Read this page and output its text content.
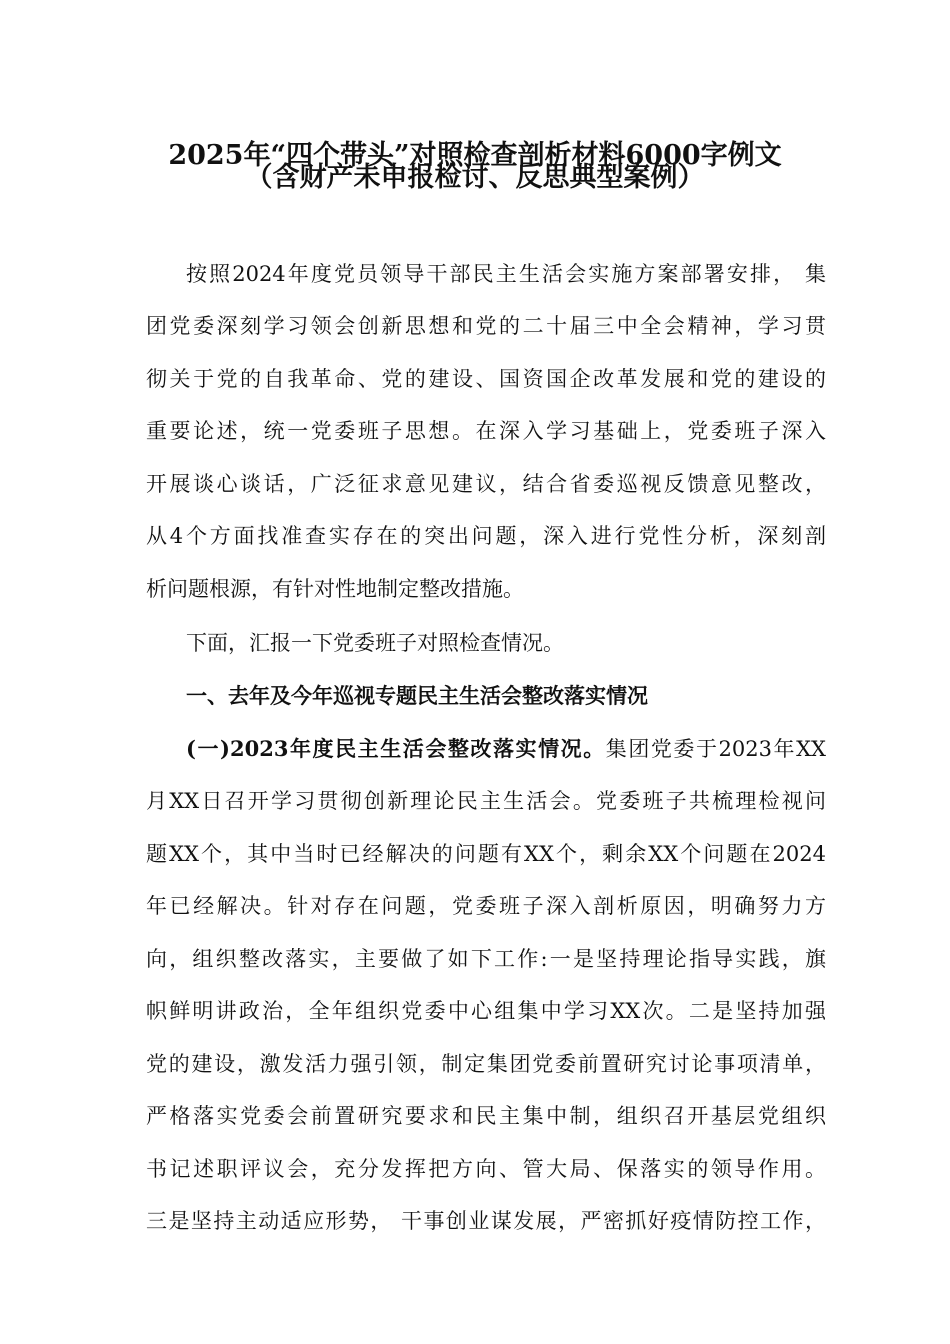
2025年“四个带头”对照检查剖析材料6000字例文
（含财产未申报检讨、反思典型案例）
按照2024年度党员领导干部民主生活会实施方案部署安排， 集
团党委深刻学习领会创新思想和党的二十届三中全会精神，学习贯
彻关于党的自我革命、党的建设、国资国企改革发展和党的建设的
重要论述，统一党委班子思想。在深入学习基础上，党委班子深入
开展谈心谈话，广泛征求意见建议，结合省委巡视反馈意见整改，
从4个方面找准查实存在的突出问题，深入进行党性分析，深刻剖
析问题根源，有针对性地制定整改措施。
下面，汇报一下党委班子对照检查情况。
一、去年及今年巡视专题民主生活会整改落实情况
(一)2023年度民主生活会整改落实情况。集团党委于2023年XX
月XX日召开学习贯彻创新理论民主生活会。党委班子共梳理检视问
题XX个，其中当时已经解决的问题有XX个，剩余XX个问题在2024
年已经解决。针对存在问题，党委班子深入剖析原因，明确努力方
向，组织整改落实，主要做了如下工作:一是坚持理论指导实践，旗
帜鲜明讲政治，全年组织党委中心组集中学习XX次。二是坚持加强
党的建设，激发活力强引领，制定集团党委前置研究讨论事项清单，
严格落实党委会前置研究要求和民主集中制，组织召开基层党组织
书记述职评议会，充分发挥把方向、管大局、保落实的领导作用。
三是坚持主动适应形势， 干事创业谋发展，严密抓好疫情防控工作，
